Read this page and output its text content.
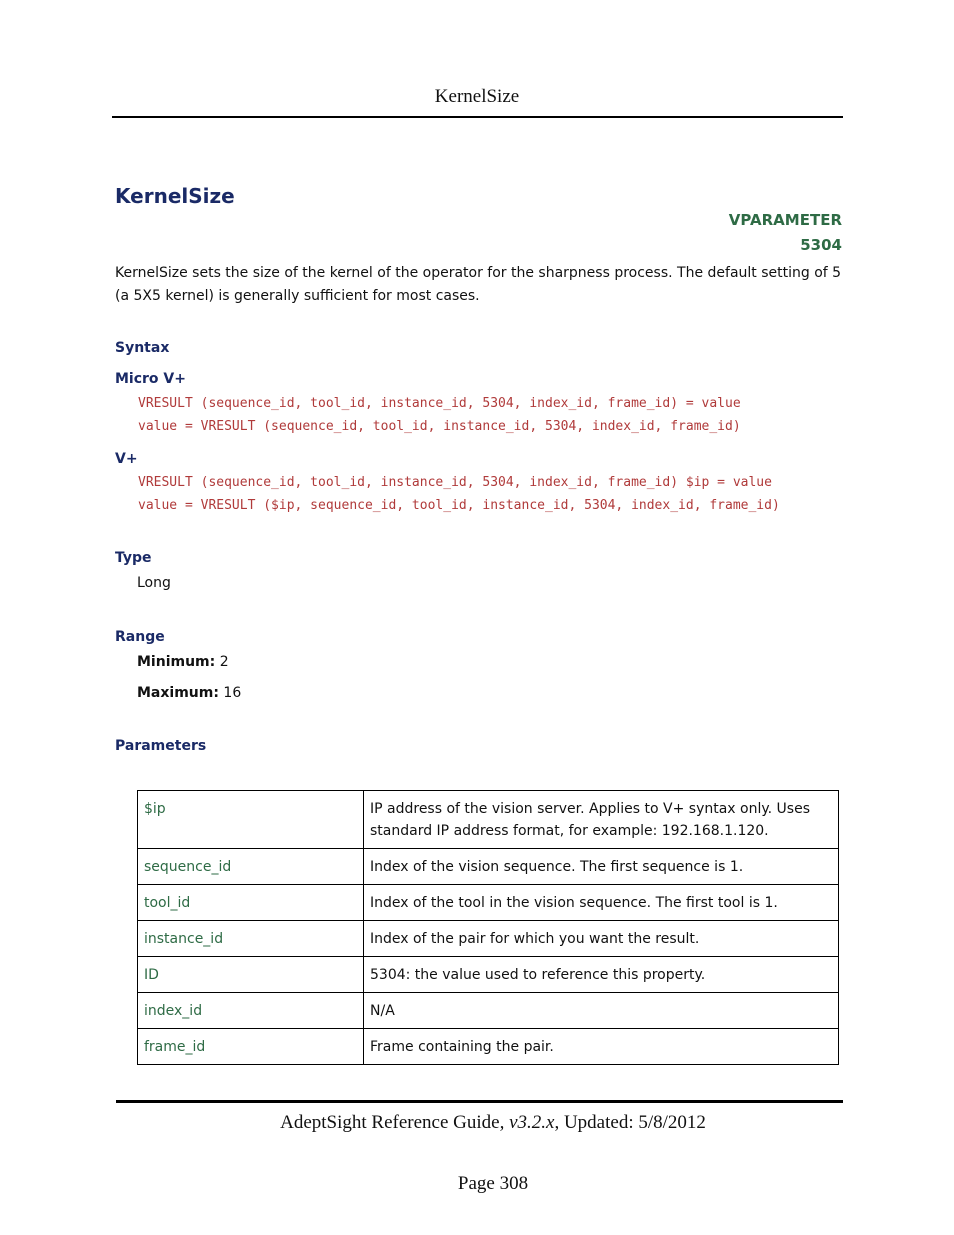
KernelSize
KernelSize
VPARAMETER
5304
KernelSize sets the size of the kernel of the operator for the sharpness process. The default setting of 5 (a 5X5 kernel) is generally sufficient for most cases.
Syntax
Micro V+
VRESULT (sequence_id, tool_id, instance_id, 5304, index_id, frame_id) = value
value = VRESULT (sequence_id, tool_id, instance_id, 5304, index_id, frame_id)
V+
VRESULT (sequence_id, tool_id, instance_id, 5304, index_id, frame_id) $ip = value
value = VRESULT ($ip, sequence_id, tool_id, instance_id, 5304, index_id, frame_id)
Type
Long
Range
Minimum: 2
Maximum: 16
Parameters
$ip	IP address of the vision server. Applies to V+ syntax only. Uses standard IP address format, for example: 192.168.1.120.
sequence_id	Index of the vision sequence. The first sequence is 1.
tool_id	Index of the tool in the vision sequence. The first tool is 1.
instance_id	Index of the pair for which you want the result.
ID	5304: the value used to reference this property.
index_id	N/A
frame_id	Frame containing the pair.
AdeptSight Reference Guide, v3.2.x, Updated: 5/8/2012
Page 308
